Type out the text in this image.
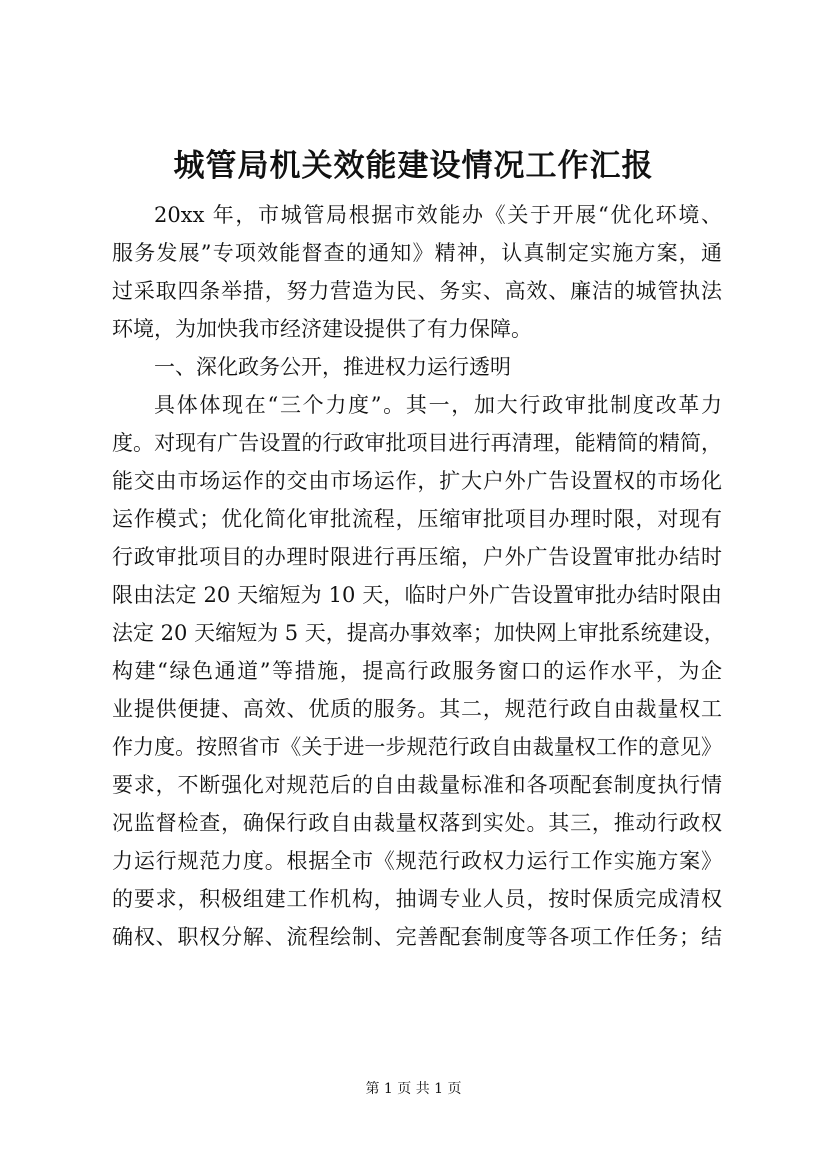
城管局机关效能建设情况工作汇报
20xx 年，市城管局根据市效能办《关于开展“优化环境、
服务发展”专项效能督查的通知》精神，认真制定实施方案，通
过采取四条举措，努力营造为民、务实、高效、廉洁的城管执法
环境，为加快我市经济建设提供了有力保障。
一、深化政务公开，推进权力运行透明
具体体现在“三个力度”。其一，加大行政审批制度改革力
度。对现有广告设置的行政审批项目进行再清理，能精简的精简，
能交由市场运作的交由市场运作，扩大户外广告设置权的市场化
运作模式；优化简化审批流程，压缩审批项目办理时限，对现有
行政审批项目的办理时限进行再压缩，户外广告设置审批办结时
限由法定 20 天缩短为 10 天，临时户外广告设置审批办结时限由
法定 20 天缩短为 5 天，提高办事效率；加快网上审批系统建设，
构建“绿色通道”等措施，提高行政服务窗口的运作水平，为企
业提供便捷、高效、优质的服务。其二，规范行政自由裁量权工
作力度。按照省市《关于进一步规范行政自由裁量权工作的意见》
要求，不断强化对规范后的自由裁量标准和各项配套制度执行情
况监督检查，确保行政自由裁量权落到实处。其三，推动行政权
力运行规范力度。根据全市《规范行政权力运行工作实施方案》
的要求，积极组建工作机构，抽调专业人员，按时保质完成清权
确权、职权分解、流程绘制、完善配套制度等各项工作任务；结
第 1 页 共 1 页
